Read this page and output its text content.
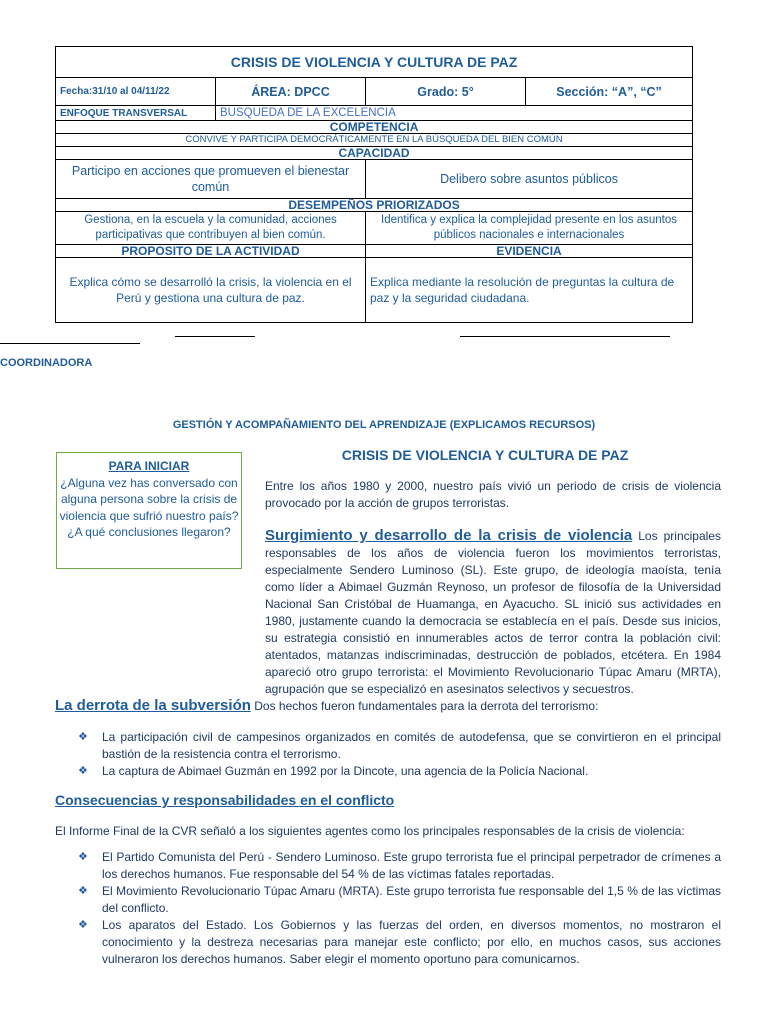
CRISIS DE VIOLENCIA Y CULTURA DE PAZ			
Fecha:31/10 al 04/11/22	ÁREA: DPCC	Grado: 5°	Sección: “A”, “C”
ENFOQUE TRANSVERSAL	BUSQUEDA DE LA EXCELENCIA		
COMPETENCIA			
CONVIVE Y PARTICIPA DEMOCRÁTICAMENTE EN LA BÚSQUEDA DEL BIEN COMÚN			
CAPACIDAD			
Participo en acciones que promueven el bienestar común		Delibero sobre asuntos públicos	
DESEMPEÑOS PRIORIZADOS			
Gestiona, en la escuela y la comunidad, acciones participativas que contribuyen al bien común.		Identifica y explica la complejidad presente en los asuntos públicos nacionales e internacionales	
PROPOSITO DE LA ACTIVIDAD		EVIDENCIA	
Explica cómo se desarrolló la crisis, la violencia en el Perú y gestiona una cultura de paz.		Explica mediante la resolución de preguntas la cultura de paz y la seguridad ciudadana.	
COORDINADORA
GESTIÓN Y ACOMPAÑAMIENTO DEL APRENDIZAJE (EXPLICAMOS RECURSOS)
PARA INICIAR
¿Alguna vez has conversado con alguna persona sobre la crisis de violencia que sufrió nuestro país? ¿A qué conclusiones llegaron?
CRISIS DE VIOLENCIA Y CULTURA DE PAZ
Entre los años 1980 y 2000, nuestro país vivió un periodo de crisis de violencia provocado por la acción de grupos terroristas.
Surgimiento y desarrollo de la crisis de violencia Los principales responsables de los años de violencia fueron los movimientos terroristas, especialmente Sendero Luminoso (SL). Este grupo, de ideología maoísta, tenía como líder a Abimael Guzmán Reynoso, un profesor de filosofía de la Universidad Nacional San Cristóbal de Huamanga, en Ayacucho. SL inició sus actividades en 1980, justamente cuando la democracia se establecía en el país. Desde sus inicios, su estrategia consistió en innumerables actos de terror contra la población civil: atentados, matanzas indiscriminadas, destrucción de poblados, etcétera. En 1984 apareció otro grupo terrorista: el Movimiento Revolucionario Túpac Amaru (MRTA), agrupación que se especializó en asesinatos selectivos y secuestros.
La derrota de la subversión Dos hechos fueron fundamentales para la derrota del terrorismo:
❖ La participación civil de campesinos organizados en comités de autodefensa, que se convirtieron en el principal bastión de la resistencia contra el terrorismo.
❖ La captura de Abimael Guzmán en 1992 por la Dincote, una agencia de la Policía Nacional.
Consecuencias y responsabilidades en el conflicto
El Informe Final de la CVR señaló a los siguientes agentes como los principales responsables de la crisis de violencia:
❖ El Partido Comunista del Perú - Sendero Luminoso. Este grupo terrorista fue el principal perpetrador de crímenes a los derechos humanos. Fue responsable del 54 % de las víctimas fatales reportadas.
❖ El Movimiento Revolucionario Túpac Amaru (MRTA). Este grupo terrorista fue responsable del 1,5 % de las víctimas del conflicto.
❖ Los aparatos del Estado. Los Gobiernos y las fuerzas del orden, en diversos momentos, no mostraron el conocimiento y la destreza necesarias para manejar este conflicto; por ello, en muchos casos, sus acciones vulneraron los derechos humanos. Saber elegir el momento oportuno para comunicarnos.
